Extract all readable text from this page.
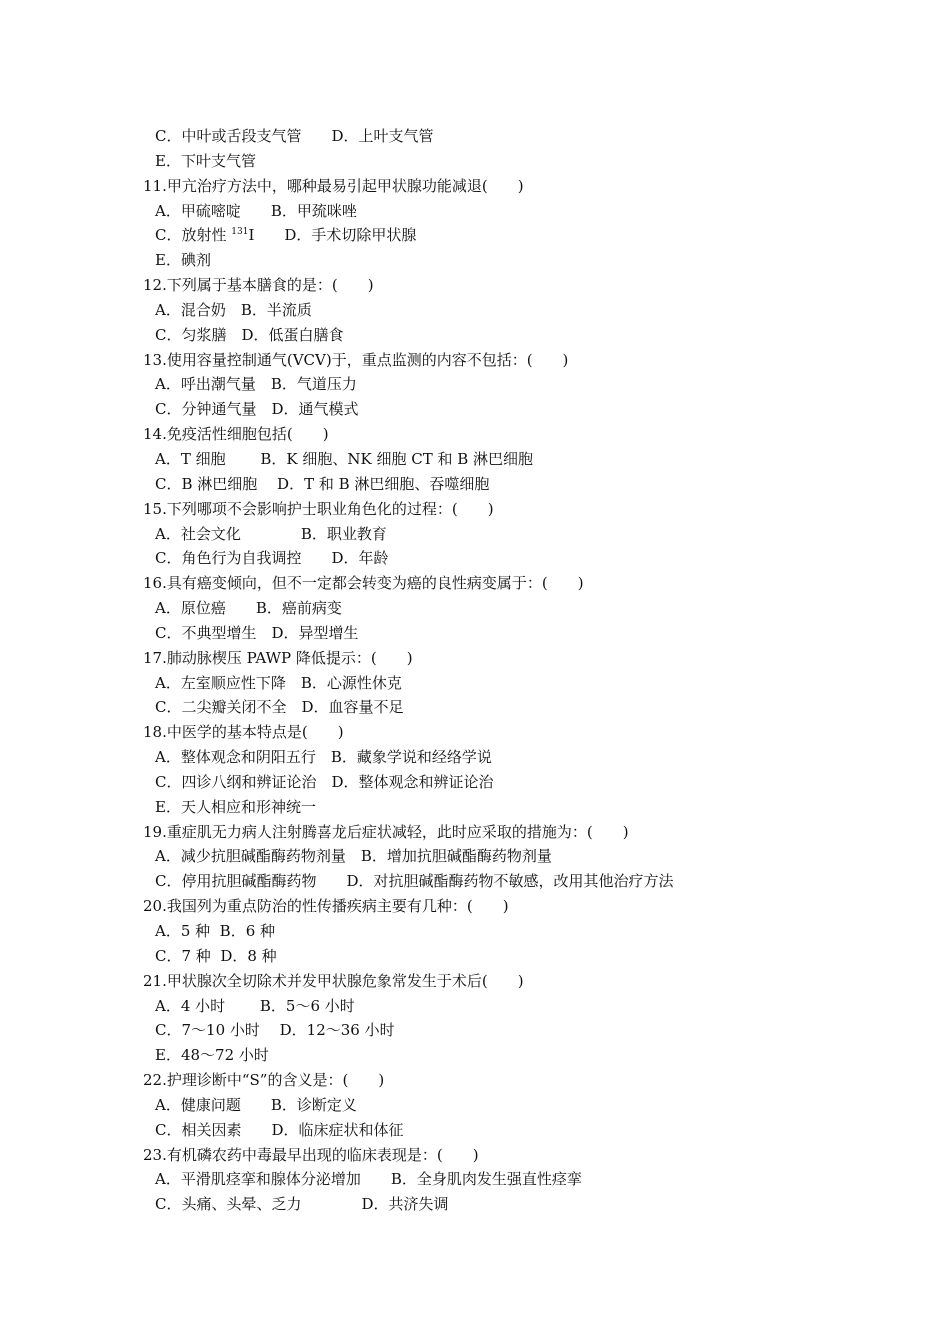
C．中叶或舌段支气管　　D．上叶支气管
E．下叶支气管
11.甲亢治疗方法中，哪种最易引起甲状腺功能减退(　　)
A．甲硫嘧啶　　B．甲巯咪唑
C．放射性 $^{131}$I　　D．手术切除甲状腺
E．碘剂
12.下列属于基本膳食的是：(　　)
A．混合奶　B．半流质
C．匀浆膳　D．低蛋白膳食
13.使用容量控制通气(VCV)于，重点监测的内容不包括：(　　)
A．呼出潮气量　B．气道压力
C．分钟通气量　D．通气模式
14.免疫活性细胞包括(　　)
A．T 细胞　　 B．K 细胞、NK 细胞 CT 和 B 淋巴细胞
C．B 淋巴细胞　 D．T 和 B 淋巴细胞、吞噬细胞
15.下列哪项不会影响护士职业角色化的过程：(　　)
A．社会文化　　　　B．职业教育
C．角色行为自我调控　　D．年龄
16.具有癌变倾向，但不一定都会转变为癌的良性病变属于：(　　)
A．原位癌　　B．癌前病变
C．不典型增生　D．异型增生
17.肺动脉楔压 PAWP 降低提示：(　　)
A．左室顺应性下降　B．心源性休克
C．二尖瓣关闭不全　D．血容量不足
18.中医学的基本特点是(　　)
A．整体观念和阴阳五行　B．藏象学说和经络学说
C．四诊八纲和辨证论治　D．整体观念和辨证论治
E．天人相应和形神统一
19.重症肌无力病人注射腾喜龙后症状减轻，此时应采取的措施为：(　　)
A．减少抗胆碱酯酶药物剂量　B．增加抗胆碱酯酶药物剂量
C．停用抗胆碱酯酶药物　　D．对抗胆碱酯酶药物不敏感，改用其他治疗方法
20.我国列为重点防治的性传播疾病主要有几种：(　　)
A．5 种  B．6 种
C．7 种  D．8 种
21.甲状腺次全切除术并发甲状腺危象常发生于术后(　　)
A．4 小时　　 B．5～6 小时
C．7～10 小时　 D．12～36 小时
E．48～72 小时
22.护理诊断中“S”的含义是：(　　)
A．健康问题　　B．诊断定义
C．相关因素　　D．临床症状和体征
23.有机磷农药中毒最早出现的临床表现是：(　　)
A．平滑肌痉挛和腺体分泌增加　　B．全身肌肉发生强直性痉挛
C．头痛、头晕、乏力　　　　D．共济失调
